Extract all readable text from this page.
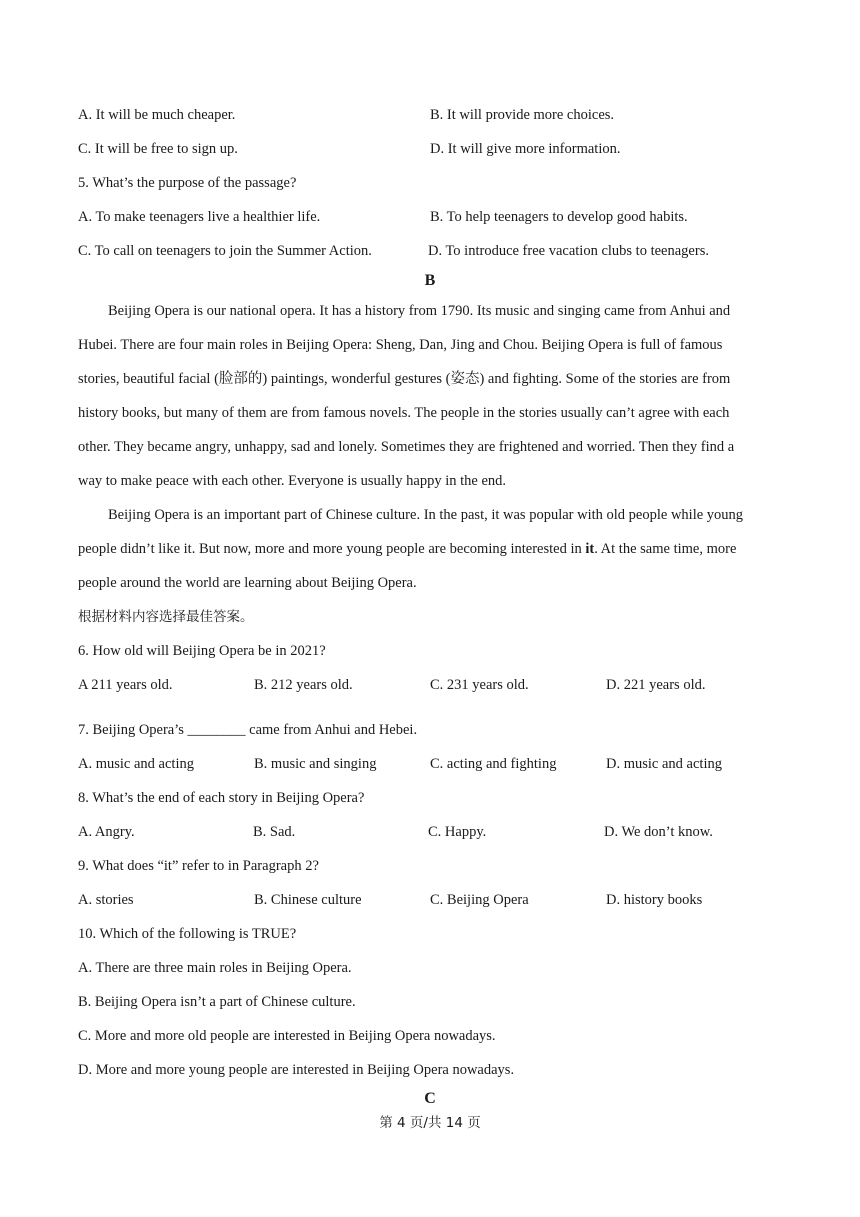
A. It will be much cheaper.	B. It will provide more choices.
C. It will be free to sign up.	D. It will give more information.
5. What’s the purpose of the passage?
A. To make teenagers live a healthier life.	B. To help teenagers to develop good habits.
C. To call on teenagers to join the Summer Action.	D. To introduce free vacation clubs to teenagers.
B
Beijing Opera is our national opera. It has a history from 1790. Its music and singing came from Anhui and
Hubei. There are four main roles in Beijing Opera: Sheng, Dan, Jing and Chou. Beijing Opera is full of famous
stories, beautiful facial (脸部的) paintings, wonderful gestures (姿态) and fighting. Some of the stories are from
history books, but many of them are from famous novels. The people in the stories usually can’t agree with each
other. They became angry, unhappy, sad and lonely. Sometimes they are frightened and worried. Then they find a
way to make peace with each other. Everyone is usually happy in the end.
Beijing Opera is an important part of Chinese culture. In the past, it was popular with old people while young
people didn’t like it. But now, more and more young people are becoming interested in it. At the same time, more
people around the world are learning about Beijing Opera.
根据材料内容选择最佳答案。
6. How old will Beijing Opera be in 2021?
A 211 years old.	B. 212 years old.	C. 231 years old.	D. 221 years old.
7. Beijing Opera’s ________ came from Anhui and Hebei.
A. music and acting	B. music and singing	C. acting and fighting	D. music and acting
8. What’s the end of each story in Beijing Opera?
A. Angry.	B. Sad.	C. Happy.	D. We don’t know.
9. What does “it” refer to in Paragraph 2?
A. stories	B. Chinese culture	C. Beijing Opera	D. history books
10. Which of the following is TRUE?
A. There are three main roles in Beijing Opera.
B. Beijing Opera isn’t a part of Chinese culture.
C. More and more old people are interested in Beijing Opera nowadays.
D. More and more young people are interested in Beijing Opera nowadays.
C
第 4 页/共 14 页
